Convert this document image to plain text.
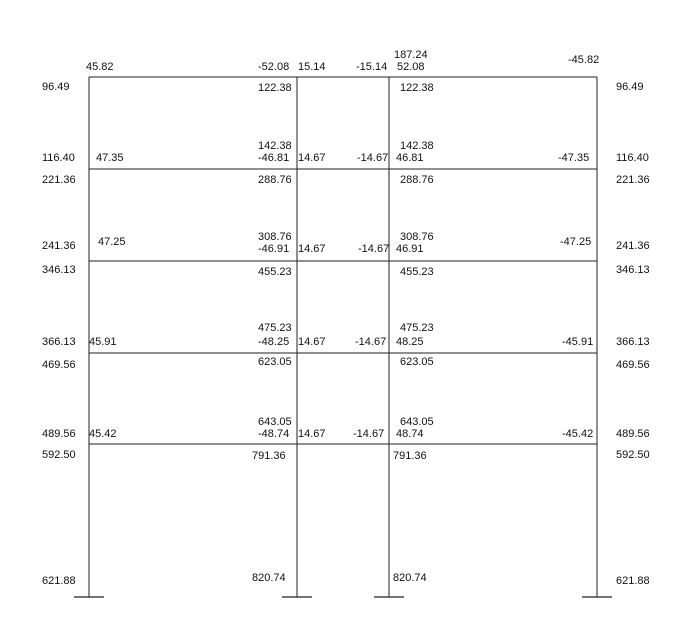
96.49
116.40
221.36
241.36
346.13
366.13
469.56
489.56
592.50
621.88
96.49
116.40
221.36
241.36
346.13
366.13
469.56
489.56
592.50
621.88
45.82	-52.08 15.14	-15.14
187.24
52.08
-45.82
47.35
47.25
45.91
45.42
-47.35
-47.25
-45.91
-45.42
122.38
142.38
-46.81
288.76
308.76
-46.91
455.23
475.23
-48.25
623.05
643.05
-48.74
791.36
820.74
14.67
14.67
14.67
14.67
-14.67
-14.67
-14.67
-14.67
122.38
142.38
46.81
288.76
308.76
46.91
455.23
475.23
48.25
623.05
643.05
48.74
791.36
820.74
